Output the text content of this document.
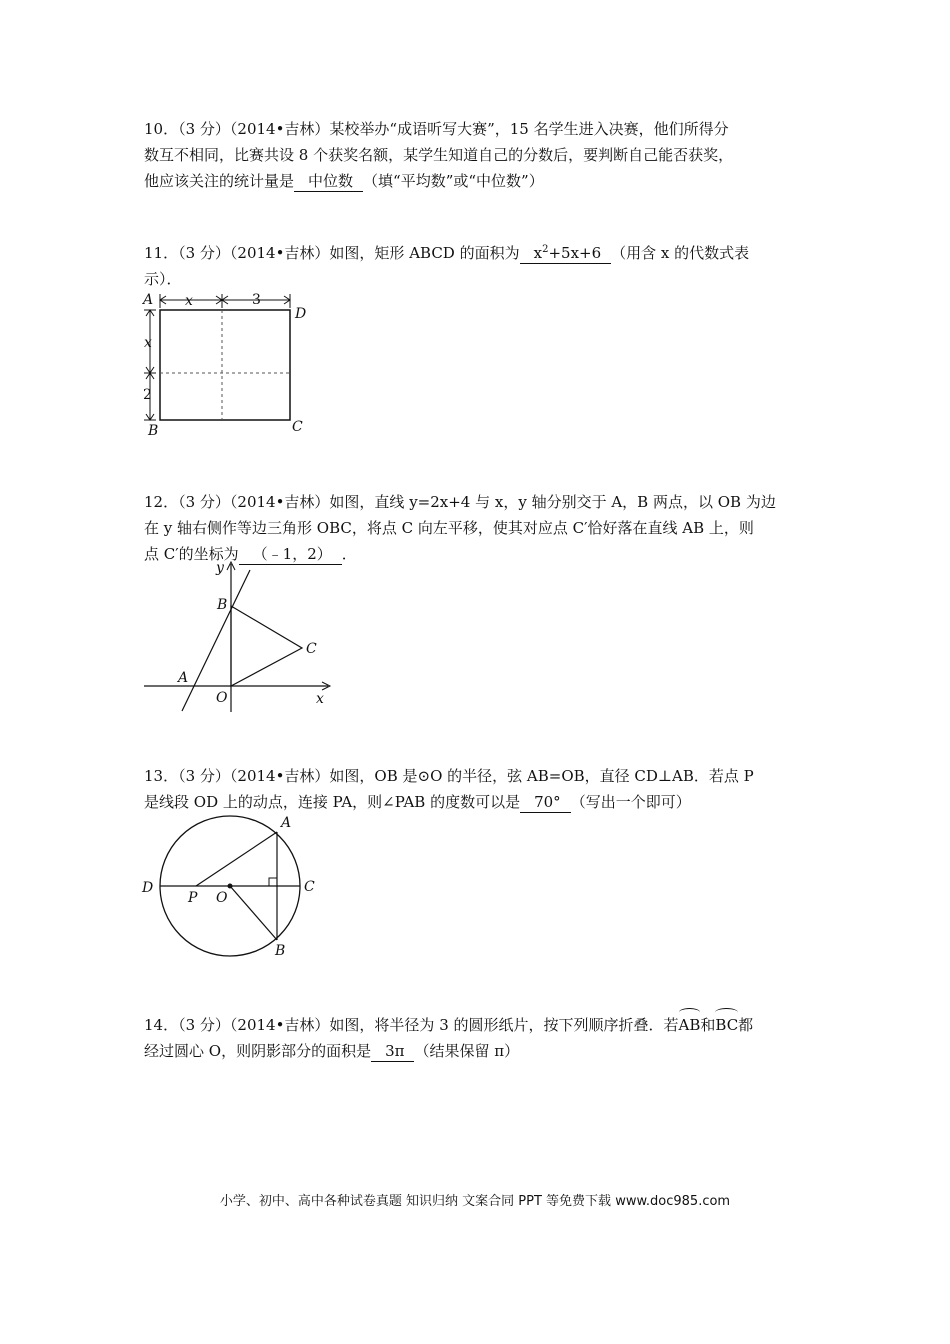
10．（3 分）（2014•吉林）某校举办“成语听写大赛”，15 名学生进入决赛，他们所得分
数互不相同，比赛共设 8 个获奖名额，某学生知道自己的分数后，要判断自己能否获奖，
他应该关注的统计量是 中位数 （填“平均数”或“中位数”）
11．（3 分）（2014•吉林）如图，矩形 ABCD 的面积为 $x^2+5x+6$ （用含 x 的代数式表
示）．
A
D
B	C
x	3
x
2
12．（3 分）（2014•吉林）如图，直线 y=2x+4 与 x，y 轴分别交于 A，B 两点，以 OB 为边
在 y 轴右侧作等边三角形 OBC，将点 C 向左平移，使其对应点 C′恰好落在直线 AB 上，则
点 C′的坐标为 （﹣1，2） ．
y
B
C
A
O	x
13．（3 分）（2014•吉林）如图，OB 是⊙O 的半径，弦 AB=OB，直径 CD⊥AB．若点 P
是线段 OD 上的动点，连接 PA，则∠PAB 的度数可以是 70° （写出一个即可）
A
B
C
D
P O
14．（3 分）（2014•吉林）如图，将半径为 3 的圆形纸片，按下列顺序折叠．若AB和BC都
经过圆心 O，则阴影部分的面积是 3π （结果保留 π）
小学、初中、高中各种试卷真题 知识归纳 文案合同 PPT 等免费下载 www.doc985.com
